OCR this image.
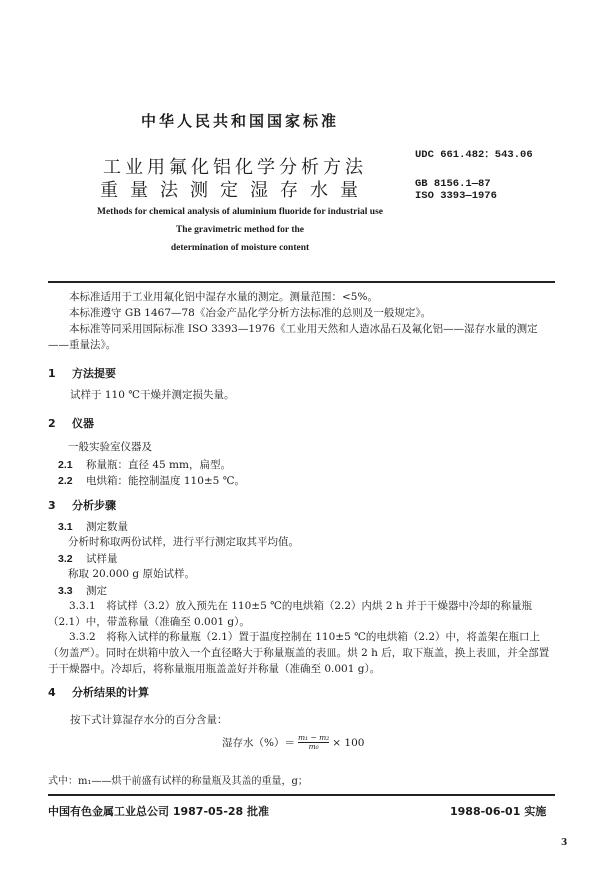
中华人民共和国国家标准
工业用氟化铝化学分析方法
重量法测定湿存水量
UDC 661.482：543.06
GB 8156.1—87
ISO 3393—1976
Methods for chemical analysis of aluminium fluoride for industrial use
The gravimetric method for the
determination of moisture content
本标准适用于工业用氟化铝中湿存水量的测定。测量范围：<5%。
本标准遵守 GB 1467—78《冶金产品化学分析方法标准的总则及一般规定》。
本标准等同采用国际标准 ISO 3393—1976《工业用天然和人造冰晶石及氟化铝——湿存水量的测定——重量法》。
1 方法提要
试样于 110 ℃干燥并测定损失量。
2 仪器
一般实验室仪器及
2.1 称量瓶：直径 45 mm，扁型。
2.2 电烘箱：能控制温度 110±5 ℃。
3 分析步骤
3.1 测定数量
分析时称取两份试样，进行平行测定取其平均值。
3.2 试样量
称取 20.000 g 原始试样。
3.3 测定
3.3.1　将试样（3.2）放入预先在 110±5 ℃的电烘箱（2.2）内烘 2 h 并于干燥器中冷却的称量瓶（2.1）中，带盖称量（准确至 0.001 g）。
3.3.2　将称入试样的称量瓶（2.1）置于温度控制在 110±5 ℃的电烘箱（2.2）中，将盖架在瓶口上（勿盖严）。同时在烘箱中放入一个直径略大于称量瓶盖的表皿。烘 2 h 后，取下瓶盖，换上表皿，并全部置于干燥器中。冷却后，将称量瓶用瓶盖盖好并称量（准确至 0.001 g）。
4 分析结果的计算
按下式计算湿存水分的百分含量：
湿存水（%）＝ $\frac{\text{m₁ − m₂}}{\text{m₀}} \times 100$
式中：m₁——烘干前盛有试样的称量瓶及其盖的重量，g；
中国有色金属工业总公司 1987-05-28 批准	1988-06-01 实施
3
